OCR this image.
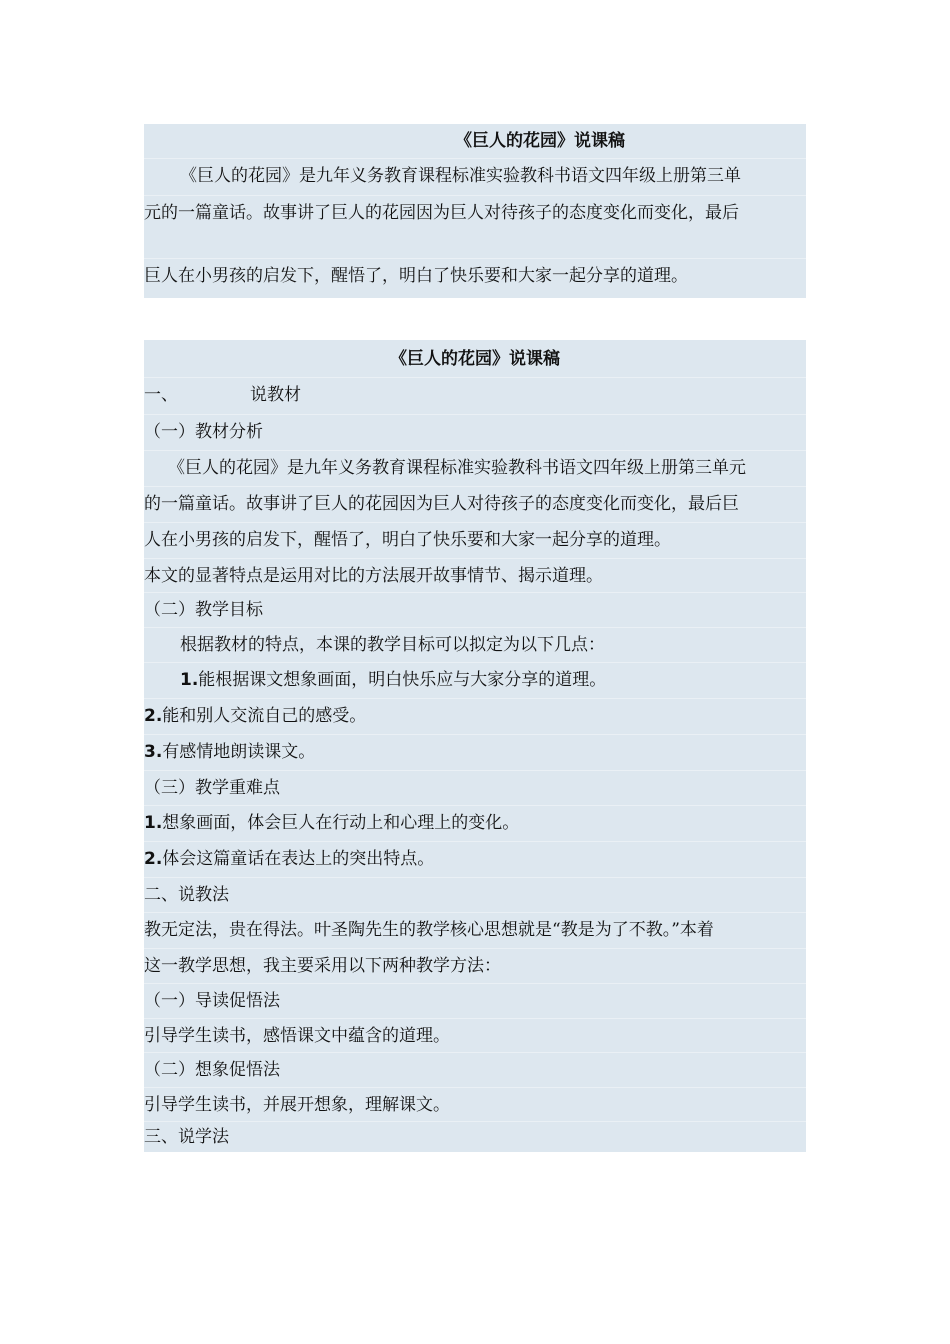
《巨人的花园》说课稿
《巨人的花园》是九年义务教育课程标准实验教科书语文四年级上册第三单
元的一篇童话。故事讲了巨人的花园因为巨人对待孩子的态度变化而变化，最后
巨人在小男孩的启发下，醒悟了，明白了快乐要和大家一起分享的道理。
《巨人的花园》说课稿
一、	说教材
（一）教材分析
《巨人的花园》是九年义务教育课程标准实验教科书语文四年级上册第三单元
的一篇童话。故事讲了巨人的花园因为巨人对待孩子的态度变化而变化，最后巨
人在小男孩的启发下，醒悟了，明白了快乐要和大家一起分享的道理。
本文的显著特点是运用对比的方法展开故事情节、揭示道理。
（二）教学目标
根据教材的特点，本课的教学目标可以拟定为以下几点：
1.能根据课文想象画面，明白快乐应与大家分享的道理。
2.能和别人交流自己的感受。
3.有感情地朗读课文。
（三）教学重难点
1.想象画面，体会巨人在行动上和心理上的变化。
2.体会这篇童话在表达上的突出特点。
二、说教法
教无定法，贵在得法。叶圣陶先生的教学核心思想就是“教是为了不教。”本着
这一教学思想，我主要采用以下两种教学方法：
（一）导读促悟法
引导学生读书，感悟课文中蕴含的道理。
（二）想象促悟法
引导学生读书，并展开想象，理解课文。
三、说学法
